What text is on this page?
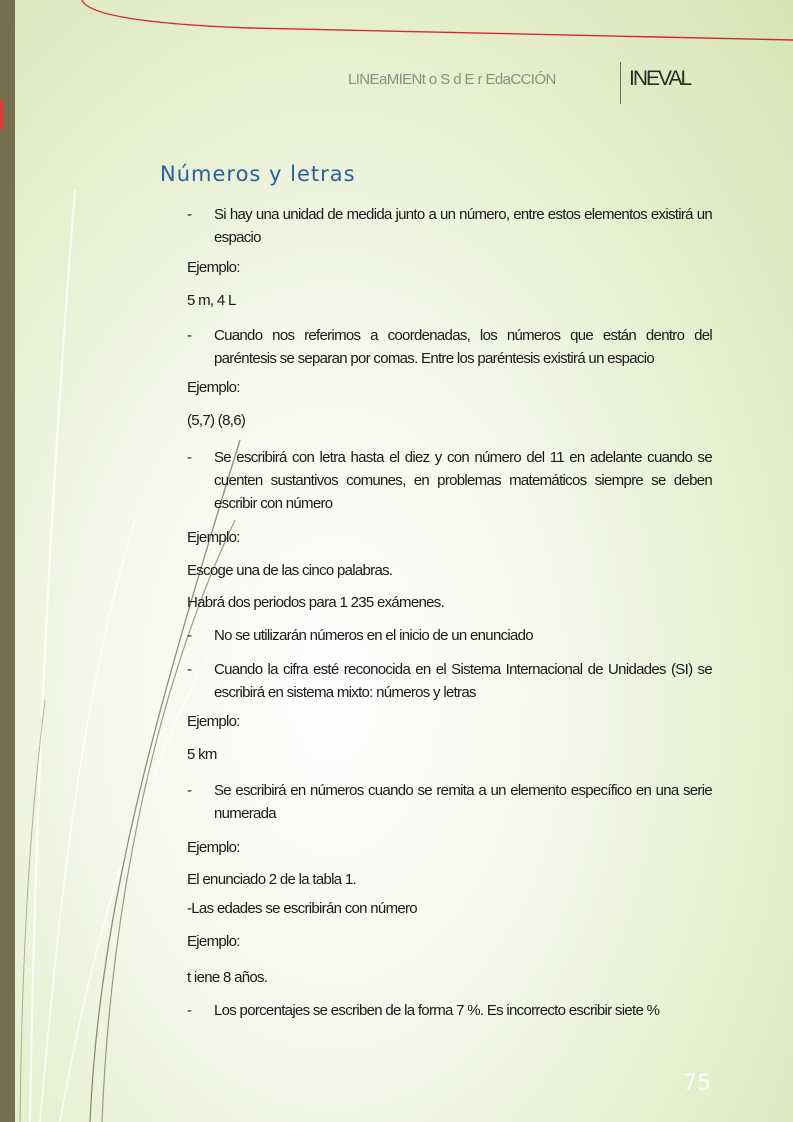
LINEaMIENt o S d E r EdaCCIÓN	INEVAL
Números y letras
- Si hay una unidad de medida junto a un número, entre estos elementos existirá un espacio
Ejemplo:
5 m, 4 L
- Cuando nos referimos a coordenadas, los números que están dentro del paréntesis se separan por comas. Entre los paréntesis existirá un espacio
Ejemplo:
(5,7) (8,6)
- Se escribirá con letra hasta el diez y con número del 11 en adelante cuando se cuenten sustantivos comunes, en problemas matemáticos siempre se deben escribir con número
Ejemplo:
Escoge una de las cinco palabras.
Habrá dos periodos para 1 235 exámenes.
- No se utilizarán números en el inicio de un enunciado
- Cuando la cifra esté reconocida en el Sistema Internacional de Unidades (SI) se escribirá en sistema mixto: números y letras
Ejemplo:
5 km
- Se escribirá en números cuando se remita a un elemento específico en una serie numerada
Ejemplo:
El enunciado 2 de la tabla 1.
-Las edades se escribirán con número
Ejemplo:
t iene 8 años.
- Los porcentajes se escriben de la forma 7 %. Es incorrecto escribir siete %
75
